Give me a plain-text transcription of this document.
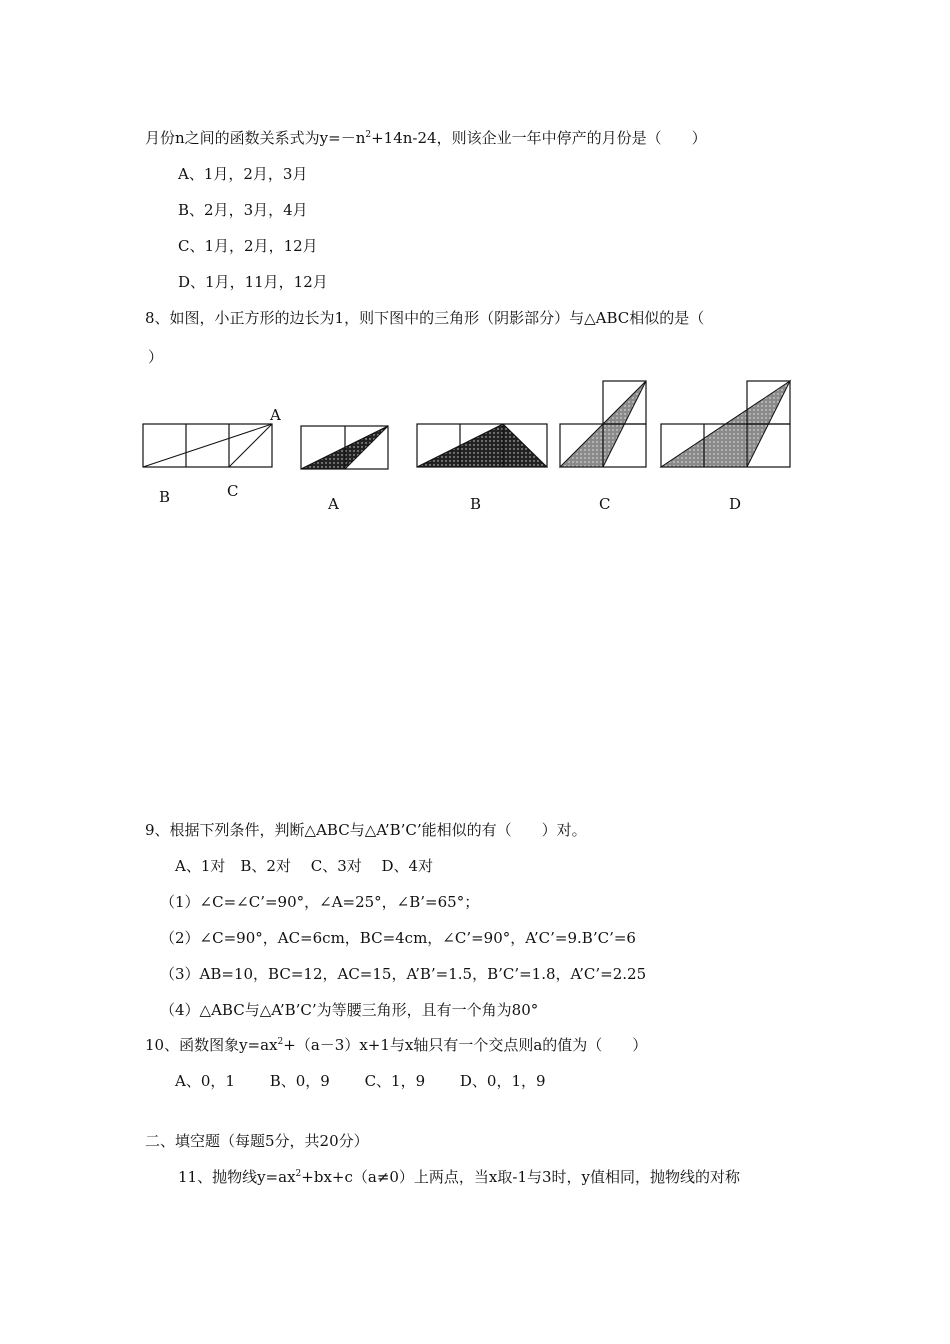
月份n之间的函数关系式为$y=-n^2+14n-24$，则该企业一年中停产的月份是（　　）
A、1月，2月，3月
B、2月，3月，4月
C、1月，2月，12月
D、1月，11月，12月
8、如图，小正方形的边长为1，则下图中的三角形（阴影部分）与△ABC相似的是（
）
A
B	C
A	B	C	D
9、根据下列条件，判断△ABC与△A’B’C’能相似的有（　　）对。
A、1对　B、2对　 C、3对　 D、4对
（1）∠C=∠C’=90°，∠A=25°，∠B’=65°；
（2）∠C=90°，AC=6cm，BC=4cm，∠C’=90°，A’C’=9.B’C’=6
（3）AB=10，BC=12，AC=15，A’B’=1.5，B’C’=1.8，A’C’=2.25
（4）△ABC与△A’B’C’为等腰三角形，且有一个角为80°
10、函数图象$y=ax^2+(a-3)x+1$与x轴只有一个交点则a的值为（　　）
A、0，1　　 B、0，9　　 C、1，9　　 D、0，1，9
二、填空题（每题5分，共20分）
11、抛物线$y=ax^2+bx+c(a\ne 0)$上两点，当x取-1与3时，y值相同，抛物线的对称
